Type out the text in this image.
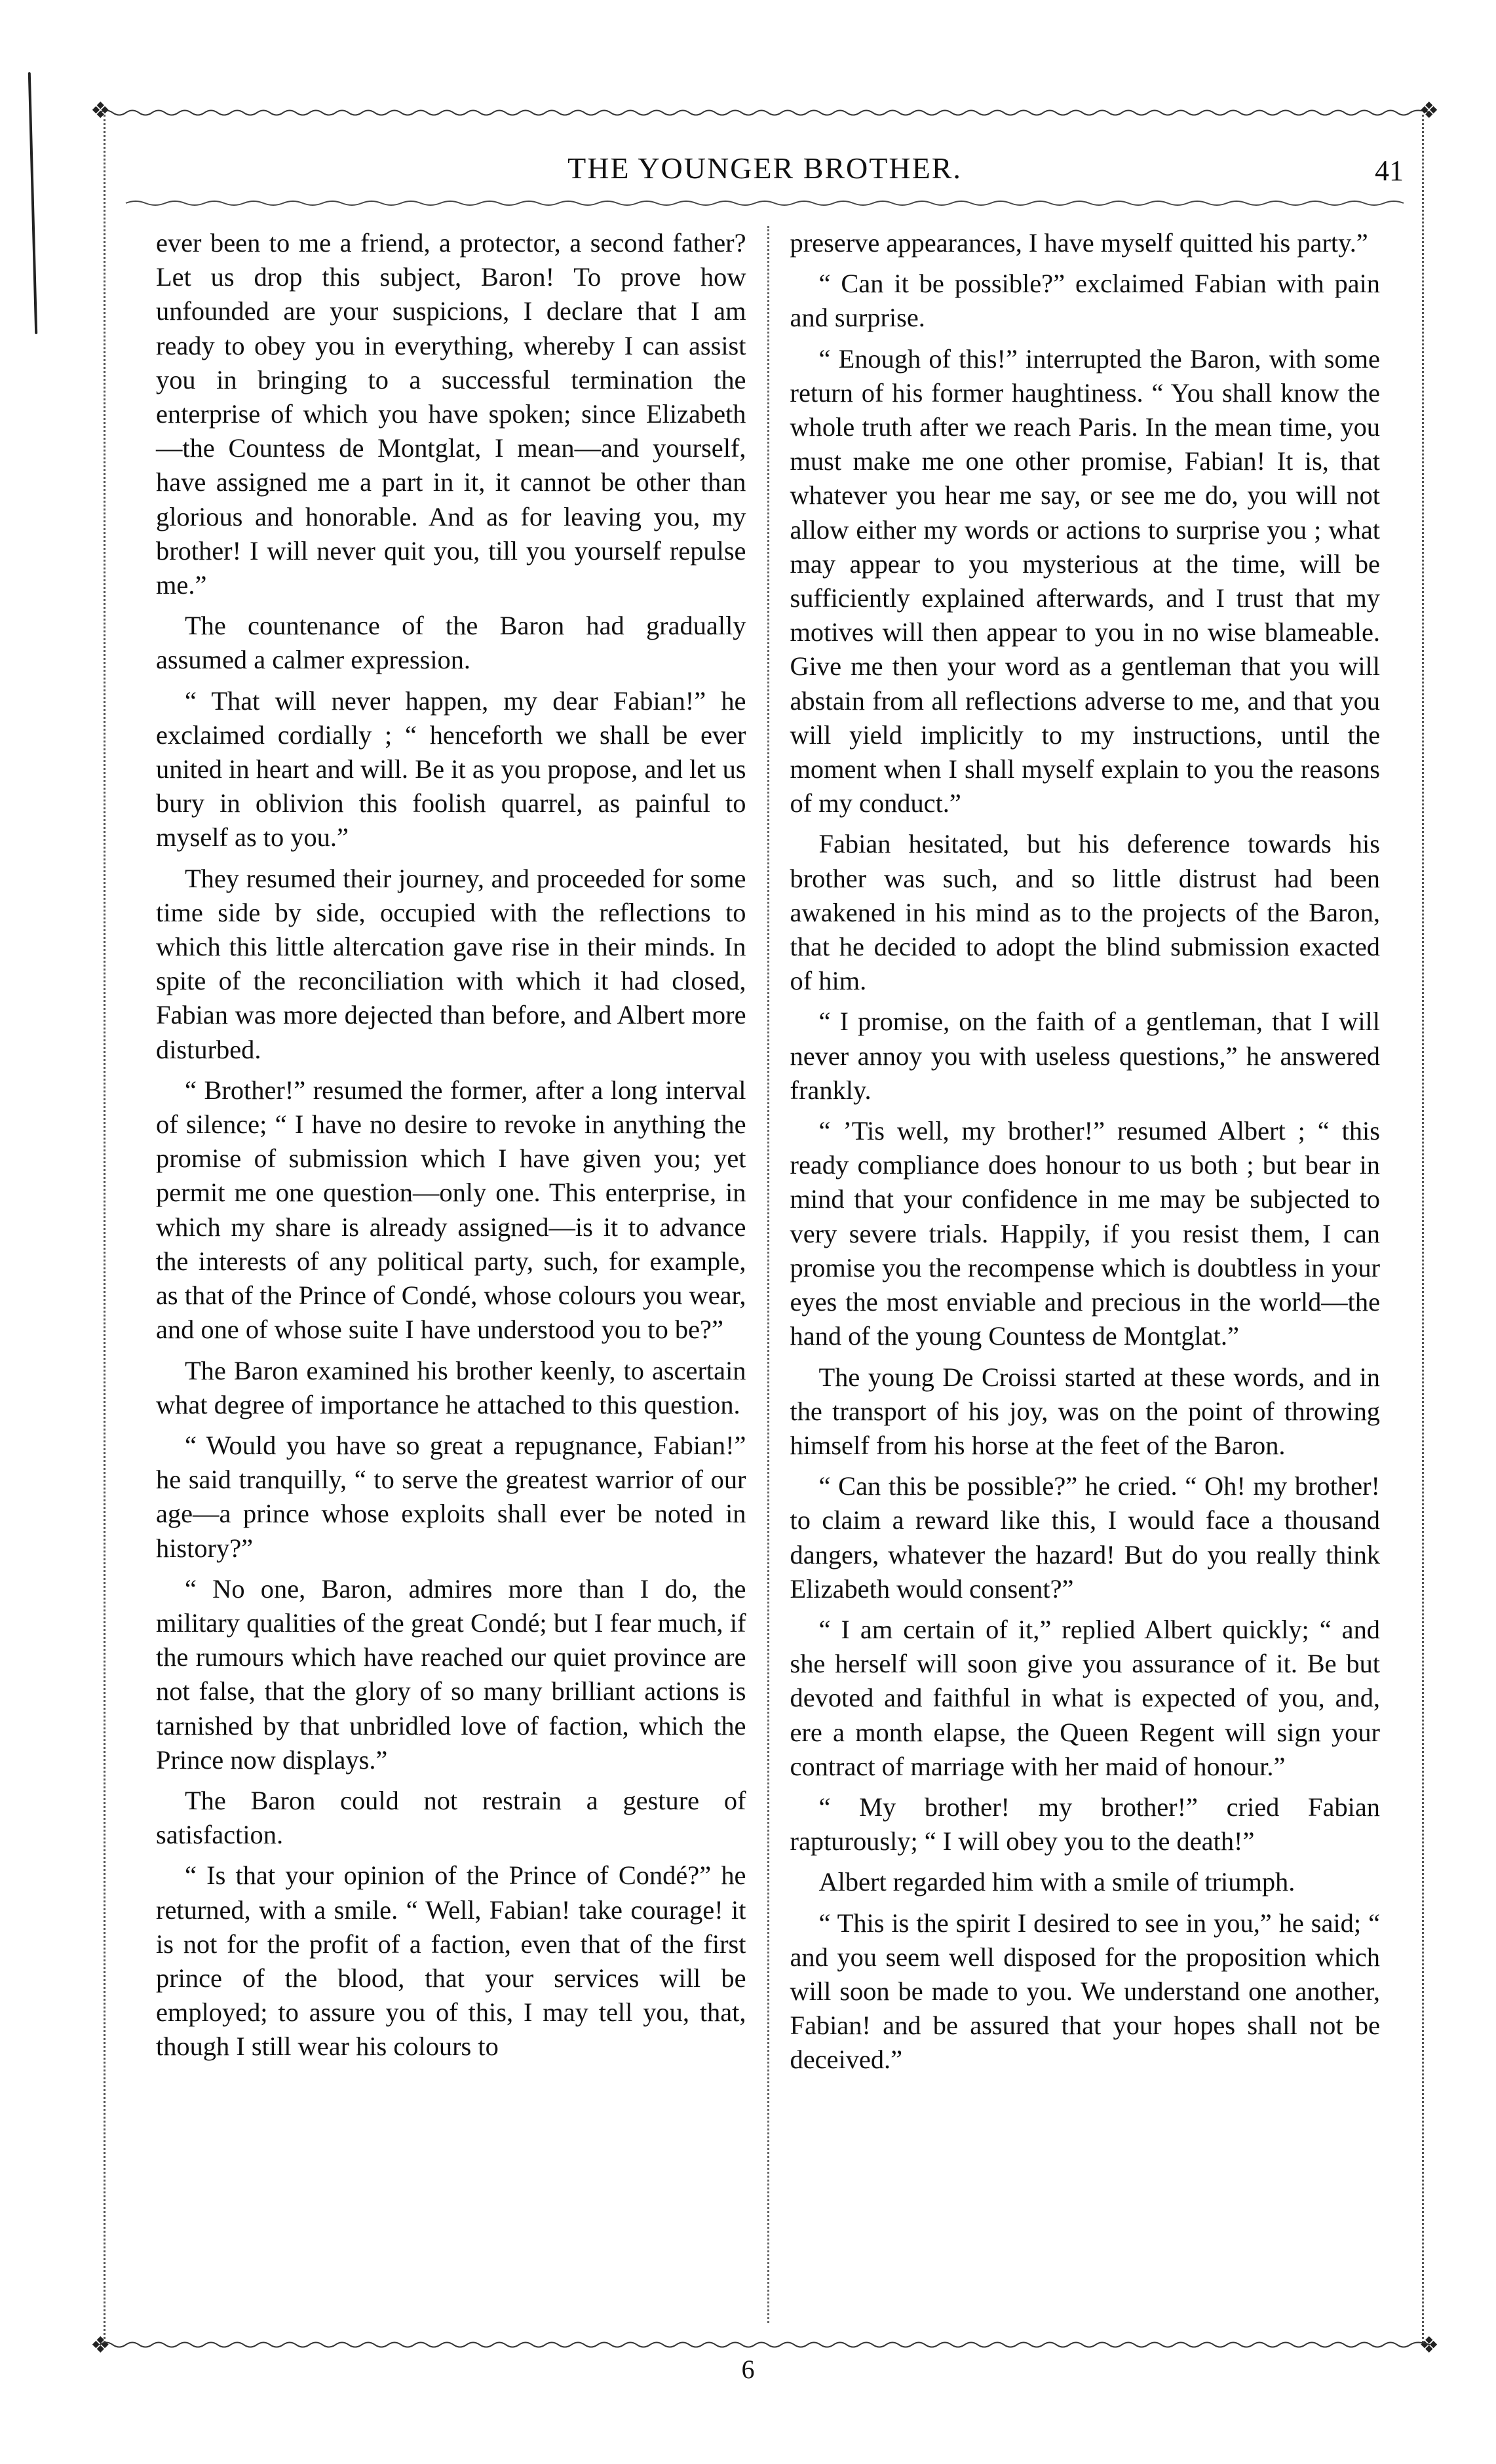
❖	❖
❖	❖
THE YOUNGER BROTHER.	41

ever been to me a friend, a protector, a second father? Let us drop this subject, Baron! To prove how unfounded are your suspicions, I declare that I am ready to obey you in everything, whereby I can assist you in bringing to a successful termination the enterprise of which you have spoken; since Elizabeth—the Countess de Montglat, I mean—and yourself, have assigned me a part in it, it cannot be other than glorious and honorable. And as for leaving you, my brother! I will never quit you, till you yourself repulse me.”

The countenance of the Baron had gradually assumed a calmer expression.

“ That will never happen, my dear Fabian!” he exclaimed cordially ; “ henceforth we shall be ever united in heart and will. Be it as you propose, and let us bury in oblivion this foolish quarrel, as painful to myself as to you.”

They resumed their journey, and proceeded for some time side by side, occupied with the reflections to which this little altercation gave rise in their minds. In spite of the reconciliation with which it had closed, Fabian was more dejected than before, and Albert more disturbed.

“ Brother!” resumed the former, after a long interval of silence; “ I have no desire to revoke in anything the promise of submission which I have given you; yet permit me one question—only one. This enterprise, in which my share is already assigned—is it to advance the interests of any political party, such, for example, as that of the Prince of Condé, whose colours you wear, and one of whose suite I have understood you to be?”

The Baron examined his brother keenly, to ascertain what degree of importance he attached to this question.

“ Would you have so great a repugnance, Fabian!” he said tranquilly, “ to serve the greatest warrior of our age—a prince whose exploits shall ever be noted in history?”

“ No one, Baron, admires more than I do, the military qualities of the great Condé; but I fear much, if the rumours which have reached our quiet province are not false, that the glory of so many brilliant actions is tarnished by that unbridled love of faction, which the Prince now displays.”

The Baron could not restrain a gesture of satisfaction.

“ Is that your opinion of the Prince of Condé?” he returned, with a smile. “ Well, Fabian! take courage! it is not for the profit of a faction, even that of the first prince of the blood, that your services will be employed; to assure you of this, I may tell you, that, though I still wear his colours to

preserve appearances, I have myself quitted his party.”

“ Can it be possible?” exclaimed Fabian with pain and surprise.

“ Enough of this!” interrupted the Baron, with some return of his former haughtiness. “ You shall know the whole truth after we reach Paris. In the mean time, you must make me one other promise, Fabian! It is, that whatever you hear me say, or see me do, you will not allow either my words or actions to surprise you ; what may appear to you mysterious at the time, will be sufficiently explained afterwards, and I trust that my motives will then appear to you in no wise blameable. Give me then your word as a gentleman that you will abstain from all reflections adverse to me, and that you will yield implicitly to my instructions, until the moment when I shall myself explain to you the reasons of my conduct.”

Fabian hesitated, but his deference towards his brother was such, and so little distrust had been awakened in his mind as to the projects of the Baron, that he decided to adopt the blind submission exacted of him.

“ I promise, on the faith of a gentleman, that I will never annoy you with useless questions,” he answered frankly.

“ ’Tis well, my brother!” resumed Albert ; “ this ready compliance does honour to us both ; but bear in mind that your confidence in me may be subjected to very severe trials. Happily, if you resist them, I can promise you the recompense which is doubtless in your eyes the most enviable and precious in the world—the hand of the young Countess de Montglat.”

The young De Croissi started at these words, and in the transport of his joy, was on the point of throwing himself from his horse at the feet of the Baron.

“ Can this be possible?” he cried. “ Oh! my brother! to claim a reward like this, I would face a thousand dangers, whatever the hazard! But do you really think Elizabeth would consent?”

“ I am certain of it,” replied Albert quickly; “ and she herself will soon give you assurance of it. Be but devoted and faithful in what is expected of you, and, ere a month elapse, the Queen Regent will sign your contract of marriage with her maid of honour.”

“ My brother! my brother!” cried Fabian rapturously; “ I will obey you to the death!”

Albert regarded him with a smile of triumph.

“ This is the spirit I desired to see in you,” he said; “ and you seem well disposed for the proposition which will soon be made to you. We understand one another, Fabian! and be assured that your hopes shall not be deceived.”

6
